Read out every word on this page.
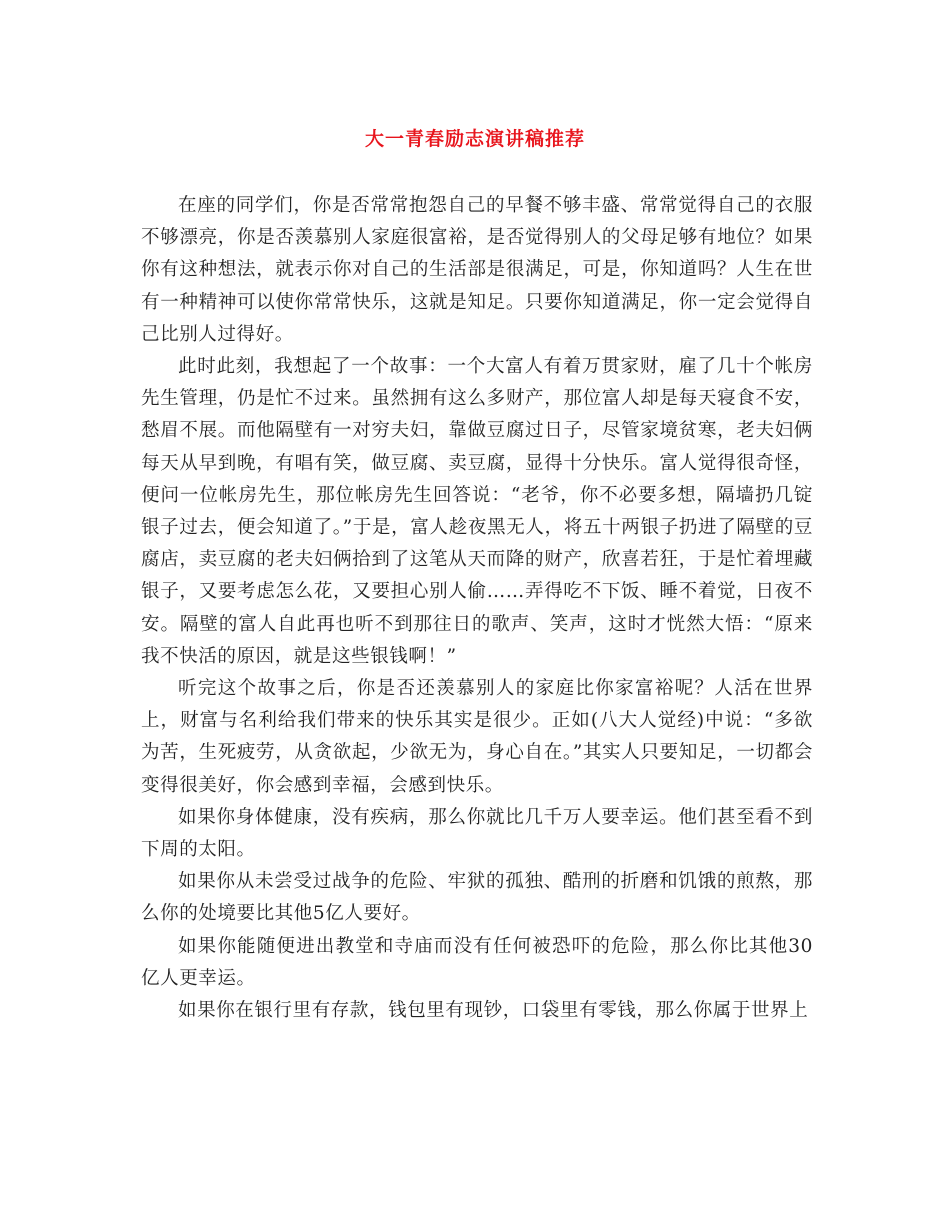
大一青春励志演讲稿推荐

在座的同学们，你是否常常抱怨自己的早餐不够丰盛、常常觉得自己的衣服不够漂亮，你是否羡慕别人家庭很富裕，是否觉得别人的父母足够有地位？如果你有这种想法，就表示你对自己的生活部是很满足，可是，你知道吗？人生在世有一种精神可以使你常常快乐，这就是知足。只要你知道满足，你一定会觉得自己比别人过得好。

此时此刻，我想起了一个故事：一个大富人有着万贯家财，雇了几十个帐房先生管理，仍是忙不过来。虽然拥有这么多财产，那位富人却是每天寝食不安，愁眉不展。而他隔壁有一对穷夫妇，靠做豆腐过日子，尽管家境贫寒，老夫妇俩每天从早到晚，有唱有笑，做豆腐、卖豆腐，显得十分快乐。富人觉得很奇怪，便问一位帐房先生，那位帐房先生回答说：“老爷，你不必要多想，隔墙扔几锭银子过去，便会知道了。”于是，富人趁夜黑无人，将五十两银子扔进了隔壁的豆腐店，卖豆腐的老夫妇俩拾到了这笔从天而降的财产，欣喜若狂，于是忙着埋藏银子，又要考虑怎么花，又要担心别人偷……弄得吃不下饭、睡不着觉，日夜不安。隔壁的富人自此再也听不到那往日的歌声、笑声，这时才恍然大悟：“原来我不快活的原因，就是这些银钱啊！”

听完这个故事之后，你是否还羡慕别人的家庭比你家富裕呢？人活在世界上，财富与名利给我们带来的快乐其实是很少。正如(八大人觉经)中说：“多欲为苦，生死疲劳，从贪欲起，少欲无为，身心自在。”其实人只要知足，一切都会变得很美好，你会感到幸福，会感到快乐。

如果你身体健康，没有疾病，那么你就比几千万人要幸运。他们甚至看不到下周的太阳。

如果你从未尝受过战争的危险、牢狱的孤独、酷刑的折磨和饥饿的煎熬，那么你的处境要比其他5亿人要好。

如果你能随便进出教堂和寺庙而没有任何被恐吓的危险，那么你比其他30亿人更幸运。

如果你在银行里有存款，钱包里有现钞，口袋里有零钱，那么你属于世界上
